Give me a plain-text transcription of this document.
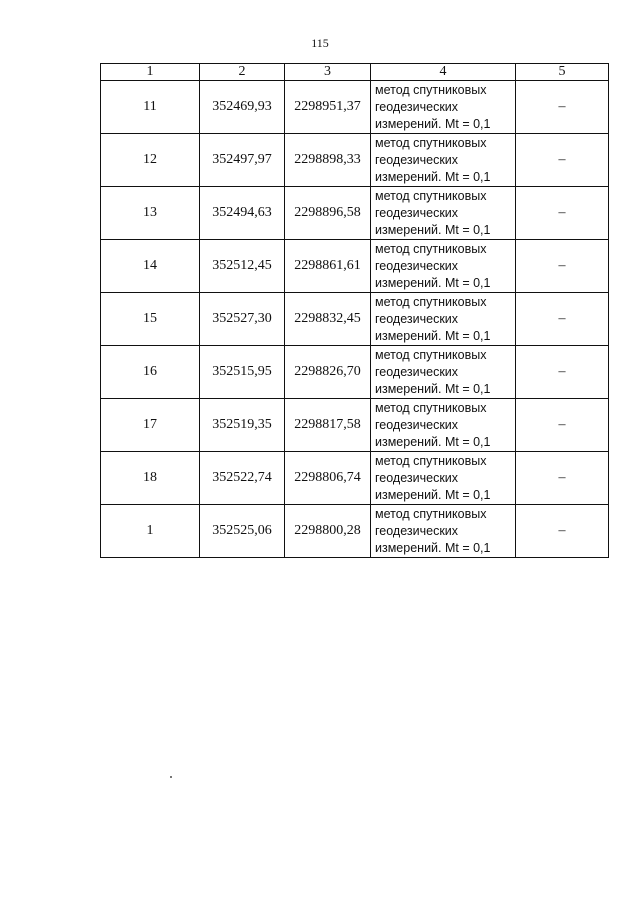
115
1	2	3	4	5
11	352469,93	2298951,37	метод спутниковых
геодезических
измерений. Mt = 0,1	–
12	352497,97	2298898,33	метод спутниковых
геодезических
измерений. Mt = 0,1	–
13	352494,63	2298896,58	метод спутниковых
геодезических
измерений. Mt = 0,1	–
14	352512,45	2298861,61	метод спутниковых
геодезических
измерений. Mt = 0,1	–
15	352527,30	2298832,45	метод спутниковых
геодезических
измерений. Mt = 0,1	–
16	352515,95	2298826,70	метод спутниковых
геодезических
измерений. Mt = 0,1	–
17	352519,35	2298817,58	метод спутниковых
геодезических
измерений. Mt = 0,1	–
18	352522,74	2298806,74	метод спутниковых
геодезических
измерений. Mt = 0,1	–
1	352525,06	2298800,28	метод спутниковых
геодезических
измерений. Mt = 0,1	–
